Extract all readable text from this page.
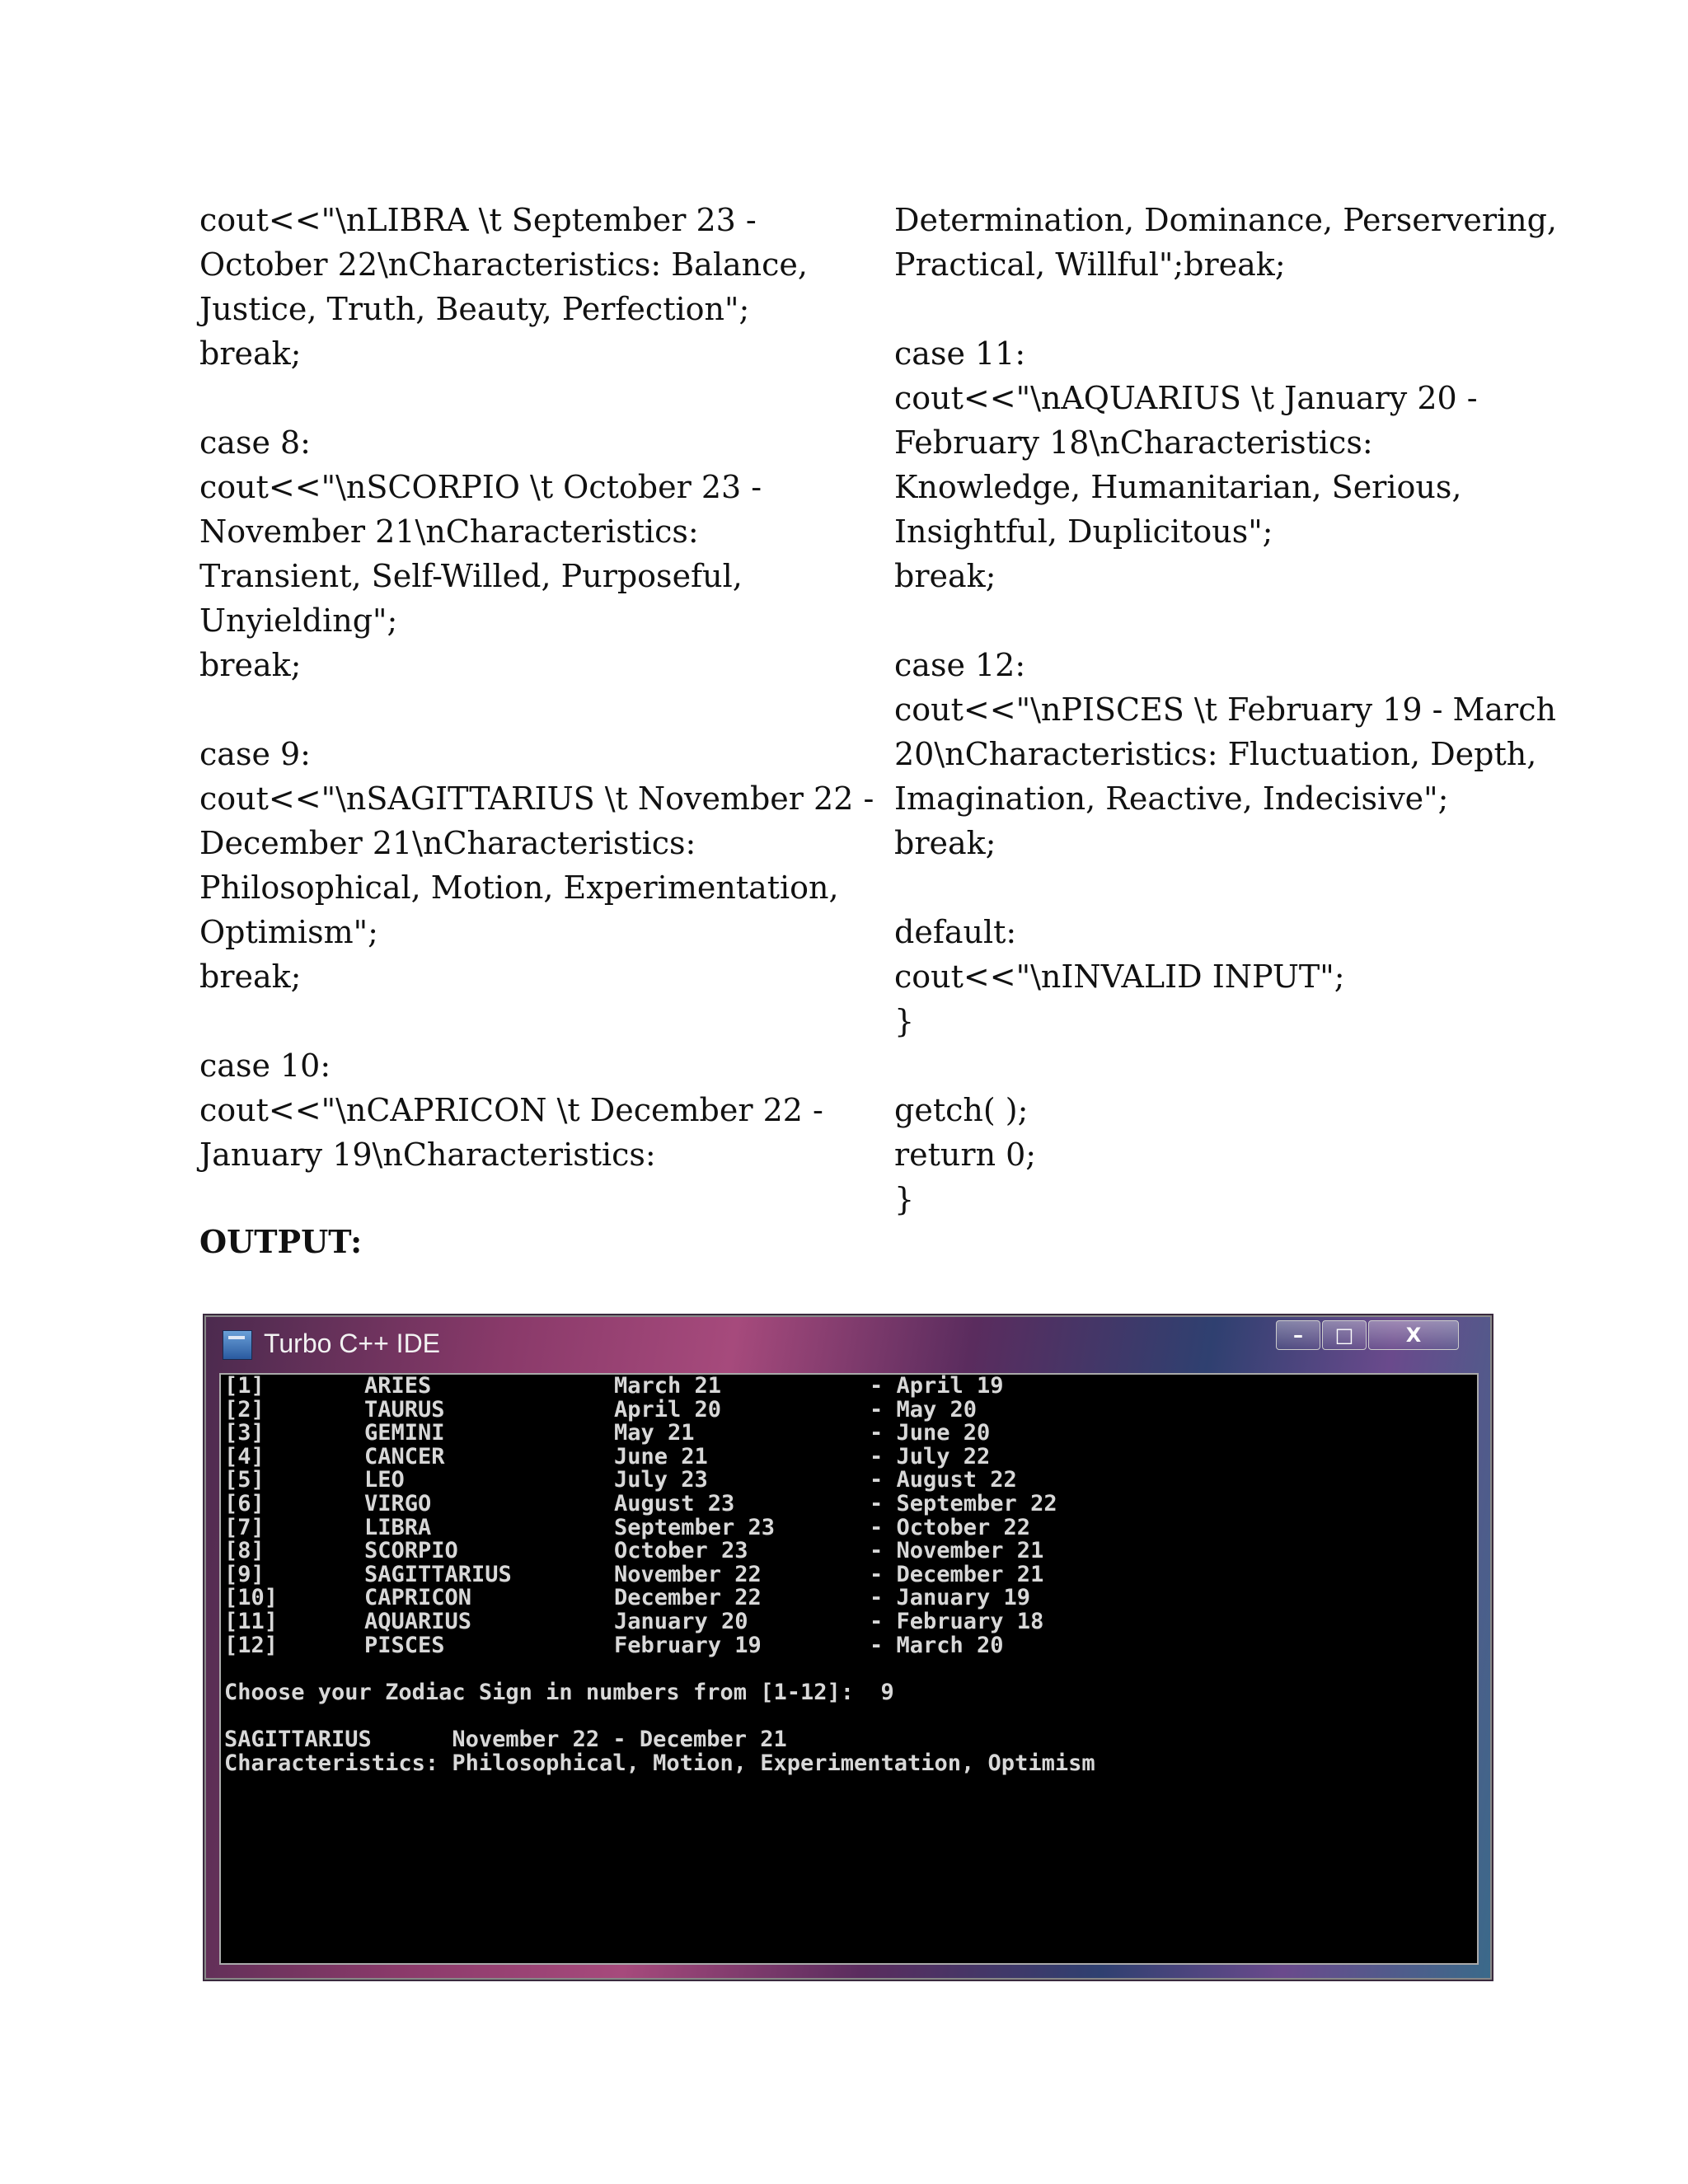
cout<<"\nLIBRA \t September 23 -
October 22\nCharacteristics: Balance,
Justice, Truth, Beauty, Perfection";
break;
case 8:
cout<<"\nSCORPIO \t October 23 -
November 21\nCharacteristics:
Transient, Self-Willed, Purposeful,
Unyielding";
break;
case 9:
cout<<"\nSAGITTARIUS \t November 22 -
December 21\nCharacteristics:
Philosophical, Motion, Experimentation,
Optimism";
break;
case 10:
cout<<"\nCAPRICON \t December 22 -
January 19\nCharacteristics:
Determination, Dominance, Perservering,
Practical, Willful";break;
case 11:
cout<<"\nAQUARIUS \t January 20 -
February 18\nCharacteristics:
Knowledge, Humanitarian, Serious,
Insightful, Duplicitous";
break;
case 12:
cout<<"\nPISCES \t February 19 - March
20\nCharacteristics: Fluctuation, Depth,
Imagination, Reactive, Indecisive";
break;
default:
cout<<"\nINVALID INPUT";
}
getch( );
return 0;
}
OUTPUT:
Turbo C++ IDE	–	□	X
[1]	ARIES	March 21	- April 19
[2]	TAURUS	April 20	- May 20
[3]	GEMINI	May 21	- June 20
[4]	CANCER	June 21	- July 22
[5]	LEO	July 23	- August 22
[6]	VIRGO	August 23	- September 22
[7]	LIBRA	September 23	- October 22
[8]	SCORPIO	October 23	- November 21
[9]	SAGITTARIUS	November 22	- December 21
[10]	CAPRICON	December 22	- January 19
[11]	AQUARIUS	January 20	- February 18
[12]	PISCES	February 19	- March 20
Choose your Zodiac Sign in numbers from [1-12]:  9
SAGITTARIUS      November 22 - December 21
Characteristics: Philosophical, Motion, Experimentation, Optimism
